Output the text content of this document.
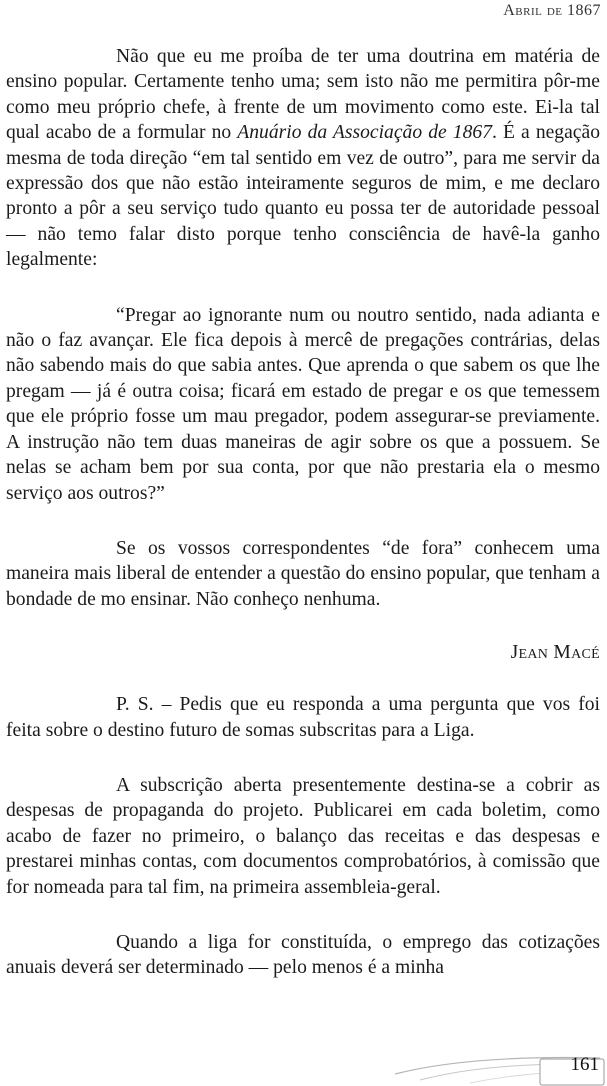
Abril de 1867

Não que eu me proíba de ter uma doutrina em matéria de ensino popular. Certamente tenho uma; sem isto não me permitira pôr-me como meu próprio chefe, à frente de um movimento como este. Ei-la tal qual acabo de a formular no Anuário da Associação de 1867. É a negação mesma de toda direção “em tal sentido em vez de outro”, para me servir da expressão dos que não estão inteiramente seguros de mim, e me declaro pronto a pôr a seu serviço tudo quanto eu possa ter de autoridade pessoal — não temo falar disto porque tenho consciência de havê-la ganho legalmente:

“Pregar ao ignorante num ou noutro sentido, nada adianta e não o faz avançar. Ele fica depois à mercê de pregações contrárias, delas não sabendo mais do que sabia antes. Que aprenda o que sabem os que lhe pregam — já é outra coisa; ficará em estado de pregar e os que temessem que ele próprio fosse um mau pregador, podem assegurar-se previamente. A instrução não tem duas maneiras de agir sobre os que a possuem. Se nelas se acham bem por sua conta, por que não prestaria ela o mesmo serviço aos outros?”

Se os vossos correspondentes “de fora” conhecem uma maneira mais liberal de entender a questão do ensino popular, que tenham a bondade de mo ensinar. Não conheço nenhuma.

Jean Macé

P. S. – Pedis que eu responda a uma pergunta que vos foi feita sobre o destino futuro de somas subscritas para a Liga.

A subscrição aberta presentemente destina-se a cobrir as despesas de propaganda do projeto. Publicarei em cada boletim, como acabo de fazer no primeiro, o balanço das receitas e das despesas e prestarei minhas contas, com documentos comprobatórios, à comissão que for nomeada para tal fim, na primeira assembleia-geral.

Quando a liga for constituída, o emprego das cotizações anuais deverá ser determinado — pelo menos é a minha

161
